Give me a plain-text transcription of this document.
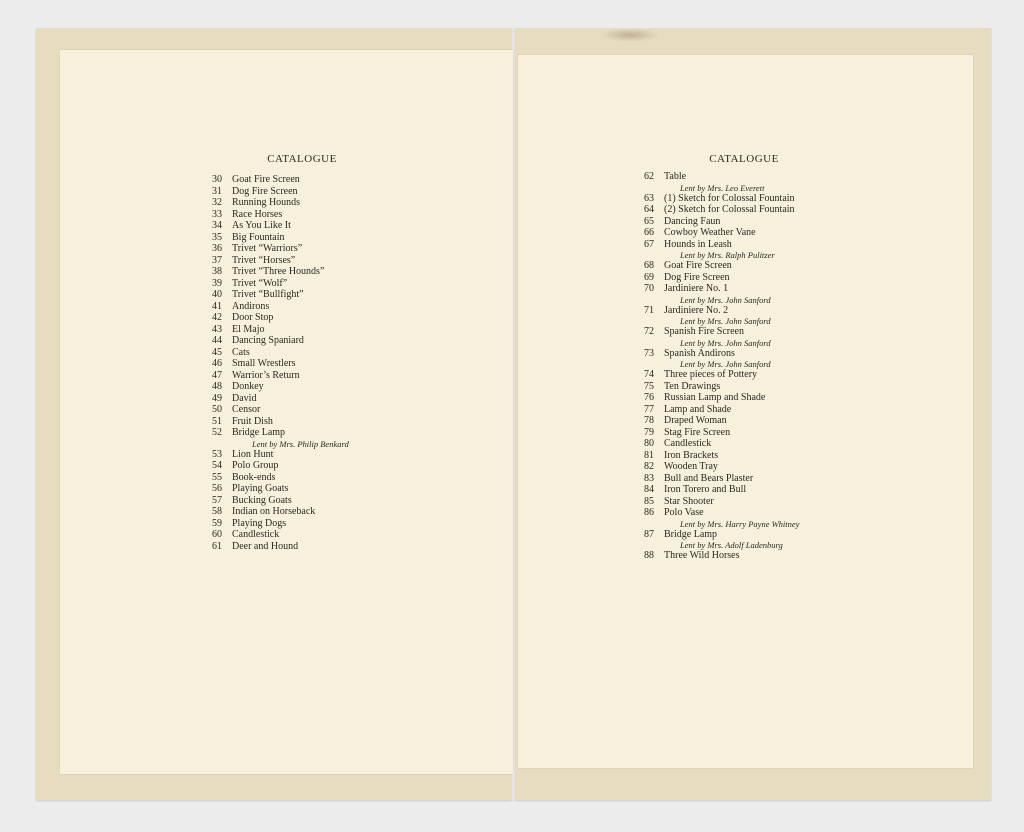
CATALOGUE
30 Goat Fire Screen
31 Dog Fire Screen
32 Running Hounds
33 Race Horses
34 As You Like It
35 Big Fountain
36 Trivet “Warriors”
37 Trivet “Horses”
38 Trivet “Three Hounds”
39 Trivet “Wolf”
40 Trivet “Bullfight”
41 Andirons
42 Door Stop
43 El Majo
44 Dancing Spaniard
45 Cats
46 Small Wrestlers
47 Warrior’s Return
48 Donkey
49 David
50 Censor
51 Fruit Dish
52 Bridge Lamp
Lent by Mrs. Philip Benkard
53 Lion Hunt
54 Polo Group
55 Book-ends
56 Playing Goats
57 Bucking Goats
58 Indian on Horseback
59 Playing Dogs
60 Candlestick
61 Deer and Hound
CATALOGUE
62 Table
Lent by Mrs. Leo Everett
63 (1) Sketch for Colossal Fountain
64 (2) Sketch for Colossal Fountain
65 Dancing Faun
66 Cowboy Weather Vane
67 Hounds in Leash
Lent by Mrs. Ralph Pulitzer
68 Goat Fire Screen
69 Dog Fire Screen
70 Jardiniere No. 1
Lent by Mrs. John Sanford
71 Jardiniere No. 2
Lent by Mrs. John Sanford
72 Spanish Fire Screen
Lent by Mrs. John Sanford
73 Spanish Andirons
Lent by Mrs. John Sanford
74 Three pieces of Pottery
75 Ten Drawings
76 Russian Lamp and Shade
77 Lamp and Shade
78 Draped Woman
79 Stag Fire Screen
80 Candlestick
81 Iron Brackets
82 Wooden Tray
83 Bull and Bears Plaster
84 Iron Torero and Bull
85 Star Shooter
86 Polo Vase
Lent by Mrs. Harry Payne Whitney
87 Bridge Lamp
Lent by Mrs. Adolf Ladenburg
88 Three Wild Horses
